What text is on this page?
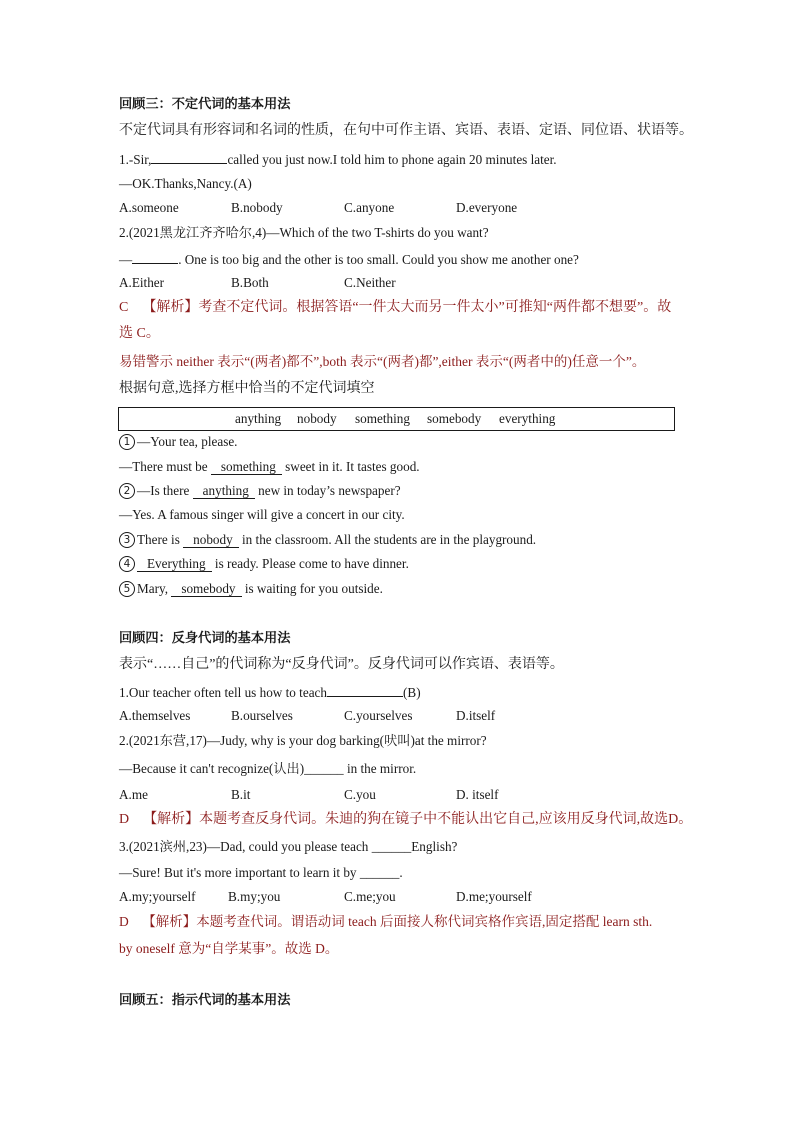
回顾三：不定代词的基本用法
不定代词具有形容词和名词的性质，在句中可作主语、宾语、表语、定语、同位语、状语等。
1.-Sir,	called you just now.I told him to phone again 20 minutes later.
—OK.Thanks,Nancy.(A)
A.someone	B.nobody	C.anyone	D.everyone
2.(2021黑龙江齐齐哈尔,4)—Which of the two T-shirts do you want?
—	. One is too big and the other is too small. Could you show me another one?
A.Either	B.Both	C.Neither
C 【解析】考查不定代词。根据答语“一件太大而另一件太小”可推知“两件都不想要”。故
选 C。
易错警示 neither 表示“(两者)都不”,both 表示“(两者)都”,either 表示“(两者中的)任意一个”。
根据句意,选择方框中恰当的不定代词填空
anything nobody something somebody everything
1 —Your tea, please.
—There must be something sweet in it. It tastes good.
2 —Is there anything new in today’s newspaper?
—Yes. A famous singer will give a concert in our city.
3 There is nobody in the classroom. All the students are in the playground.
4 Everything is ready. Please come to have dinner.
5 Mary, somebody is waiting for you outside.
回顾四：反身代词的基本用法
表示“……自己”的代词称为“反身代词”。反身代词可以作宾语、表语等。
1.Our teacher often tell us how to teach	(B)
A.themselves	B.ourselves	C.yourselves	D.itself
2.(2021东营,17)—Judy, why is your dog barking(吠叫)at the mirror?
—Because it can't recognize(认出)______ in the mirror.
A.me	B.it	C.you	D. itself
D 【解析】本题考查反身代词。朱迪的狗在镜子中不能认出它自己,应该用反身代词,故选D。
3.(2021滨州,23)—Dad, could you please teach ______English?
—Sure! But it's more important to learn it by ______.
A.my;yourself B.my;you	C.me;you	D.me;yourself
D 【解析】本题考查代词。谓语动词 teach 后面接人称代词宾格作宾语,固定搭配 learn sth.
by oneself 意为“自学某事”。故选 D。
回顾五：指示代词的基本用法
